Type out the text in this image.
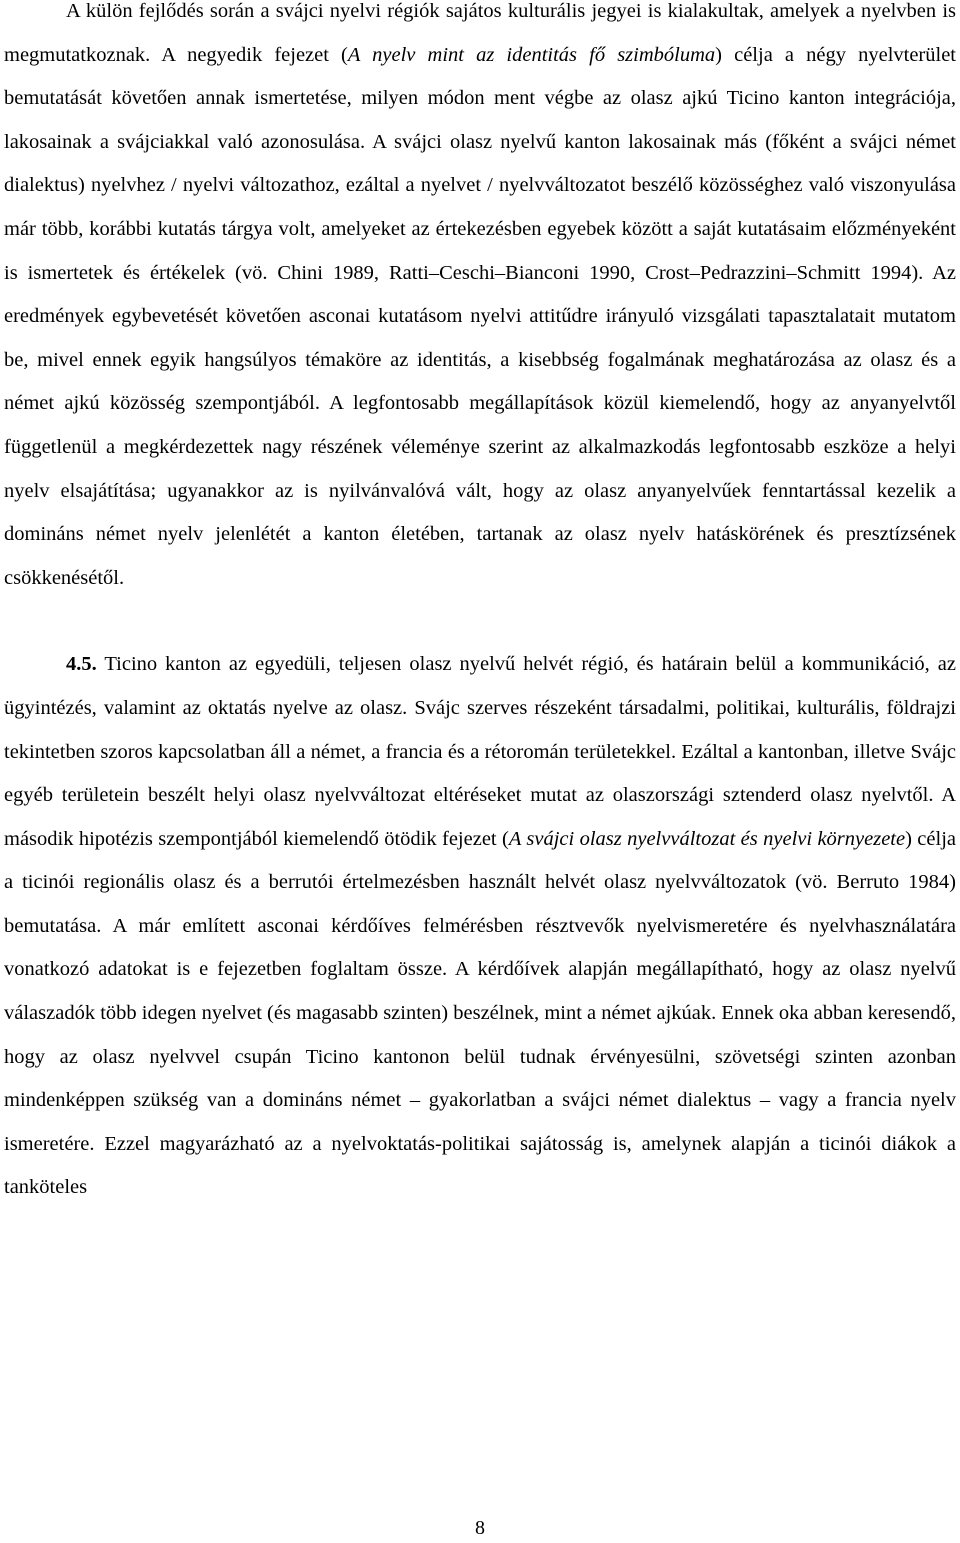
A külön fejlődés során a svájci nyelvi régiók sajátos kulturális jegyei is kialakultak, amelyek a nyelvben is megmutatkoznak. A negyedik fejezet (A nyelv mint az identitás fő szimbóluma) célja a négy nyelvterület bemutatását követően annak ismertetése, milyen módon ment végbe az olasz ajkú Ticino kanton integrációja, lakosainak a svájciakkal való azonosulása. A svájci olasz nyelvű kanton lakosainak más (főként a svájci német dialektus) nyelvhez / nyelvi változathoz, ezáltal a nyelvet / nyelvváltozatot beszélő közösséghez való viszonyulása már több, korábbi kutatás tárgya volt, amelyeket az értekezésben egyebek között a saját kutatásaim előzményeként is ismertetek és értékelek (vö. Chini 1989, Ratti–Ceschi–Bianconi 1990, Crost–Pedrazzini–Schmitt 1994). Az eredmények egybevetését követően asconai kutatásom nyelvi attitűdre irányuló vizsgálati tapasztalatait mutatom be, mivel ennek egyik hangsúlyos témaköre az identitás, a kisebbség fogalmának meghatározása az olasz és a német ajkú közösség szempontjából. A legfontosabb megállapítások közül kiemelendő, hogy az anyanyelvtől függetlenül a megkérdezettek nagy részének véleménye szerint az alkalmazkodás legfontosabb eszköze a helyi nyelv elsajátítása; ugyanakkor az is nyilvánvalóvá vált, hogy az olasz anyanyelvűek fenntartással kezelik a domináns német nyelv jelenlétét a kanton életében, tartanak az olasz nyelv hatáskörének és presztízsének csökkenésétől.

4.5. Ticino kanton az egyedüli, teljesen olasz nyelvű helvét régió, és határain belül a kommunikáció, az ügyintézés, valamint az oktatás nyelve az olasz. Svájc szerves részeként társadalmi, politikai, kulturális, földrajzi tekintetben szoros kapcsolatban áll a német, a francia és a rétoromán területekkel. Ezáltal a kantonban, illetve Svájc egyéb területein beszélt helyi olasz nyelvváltozat eltéréseket mutat az olaszországi sztenderd olasz nyelvtől. A második hipotézis szempontjából kiemelendő ötödik fejezet (A svájci olasz nyelvváltozat és nyelvi környezete) célja a ticinói regionális olasz és a berrutói értelmezésben használt helvét olasz nyelvváltozatok (vö. Berruto 1984) bemutatása. A már említett asconai kérdőíves felmérésben résztvevők nyelvismeretére és nyelvhasználatára vonatkozó adatokat is e fejezetben foglaltam össze. A kérdőívek alapján megállapítható, hogy az olasz nyelvű válaszadók több idegen nyelvet (és magasabb szinten) beszélnek, mint a német ajkúak. Ennek oka abban keresendő, hogy az olasz nyelvvel csupán Ticino kantonon belül tudnak érvényesülni, szövetségi szinten azonban mindenképpen szükség van a domináns német – gyakorlatban a svájci német dialektus – vagy a francia nyelv ismeretére. Ezzel magyarázható az a nyelvoktatás-politikai sajátosság is, amelynek alapján a ticinói diákok a tanköteles

8
